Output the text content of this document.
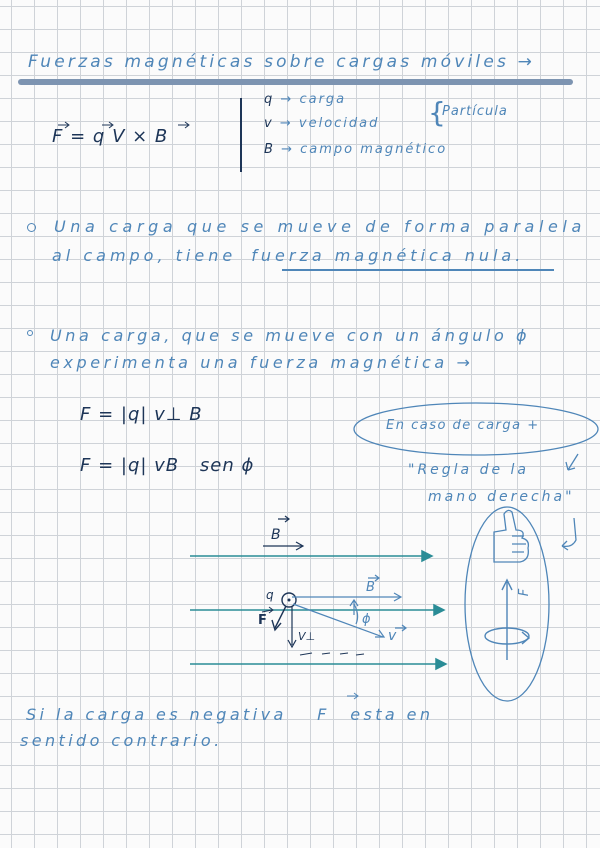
Fuerzas magnéticas sobre cargas móviles →
F = q V × B
q → carga
v → velocidad
B → campo magnético
{
Partícula
Una carga que se mueve de forma paralela
al campo, tiene fuerza magnética nula.
Una carga, que se mueve con un ángulo ϕ
experimenta una fuerza magnética →
F = |q| v⊥ B
F = |q| vB sen ϕ
En caso de carga +
"Regla de la
mano derecha"
B
q
F
B
ϕ
v
V⊥
F
Si la carga es negativa F esta en
sentido contrario.
